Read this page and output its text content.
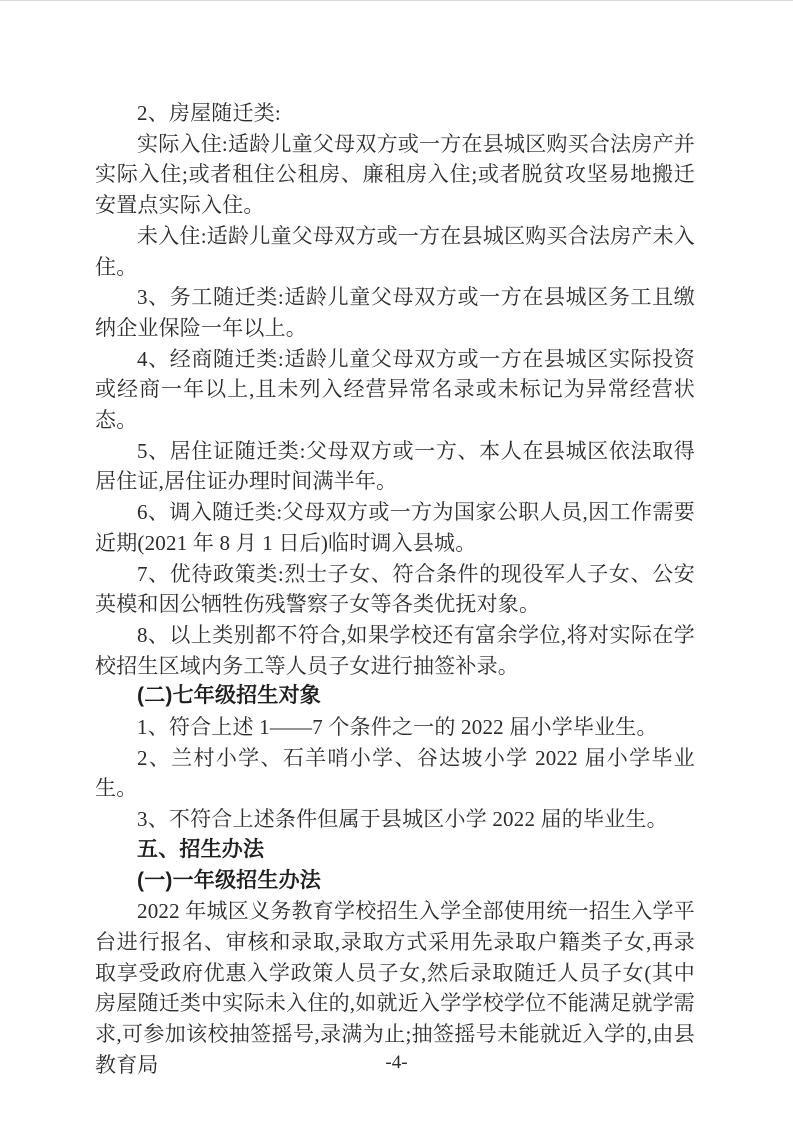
2、房屋随迁类:

实际入住:适龄儿童父母双方或一方在县城区购买合法房产并实际入住;或者租住公租房、廉租房入住;或者脱贫攻坚易地搬迁安置点实际入住。

未入住:适龄儿童父母双方或一方在县城区购买合法房产未入住。

3、务工随迁类:适龄儿童父母双方或一方在县城区务工且缴纳企业保险一年以上。

4、经商随迁类:适龄儿童父母双方或一方在县城区实际投资或经商一年以上,且未列入经营异常名录或未标记为异常经营状态。

5、居住证随迁类:父母双方或一方、本人在县城区依法取得居住证,居住证办理时间满半年。

6、调入随迁类:父母双方或一方为国家公职人员,因工作需要近期(2021 年 8 月 1 日后)临时调入县城。

7、优待政策类:烈士子女、符合条件的现役军人子女、公安英模和因公牺牲伤残警察子女等各类优抚对象。

8、以上类别都不符合,如果学校还有富余学位,将对实际在学校招生区域内务工等人员子女进行抽签补录。

(二)七年级招生对象

1、符合上述 1——7 个条件之一的 2022 届小学毕业生。

2、兰村小学、石羊哨小学、谷达坡小学 2022 届小学毕业生。

3、不符合上述条件但属于县城区小学 2022 届的毕业生。

五、招生办法

(一)一年级招生办法

2022 年城区义务教育学校招生入学全部使用统一招生入学平台进行报名、审核和录取,录取方式采用先录取户籍类子女,再录取享受政府优惠入学政策人员子女,然后录取随迁人员子女(其中房屋随迁类中实际未入住的,如就近入学学校学位不能满足就学需求,可参加该校抽签摇号,录满为止;抽签摇号未能就近入学的,由县教育局	-4-
